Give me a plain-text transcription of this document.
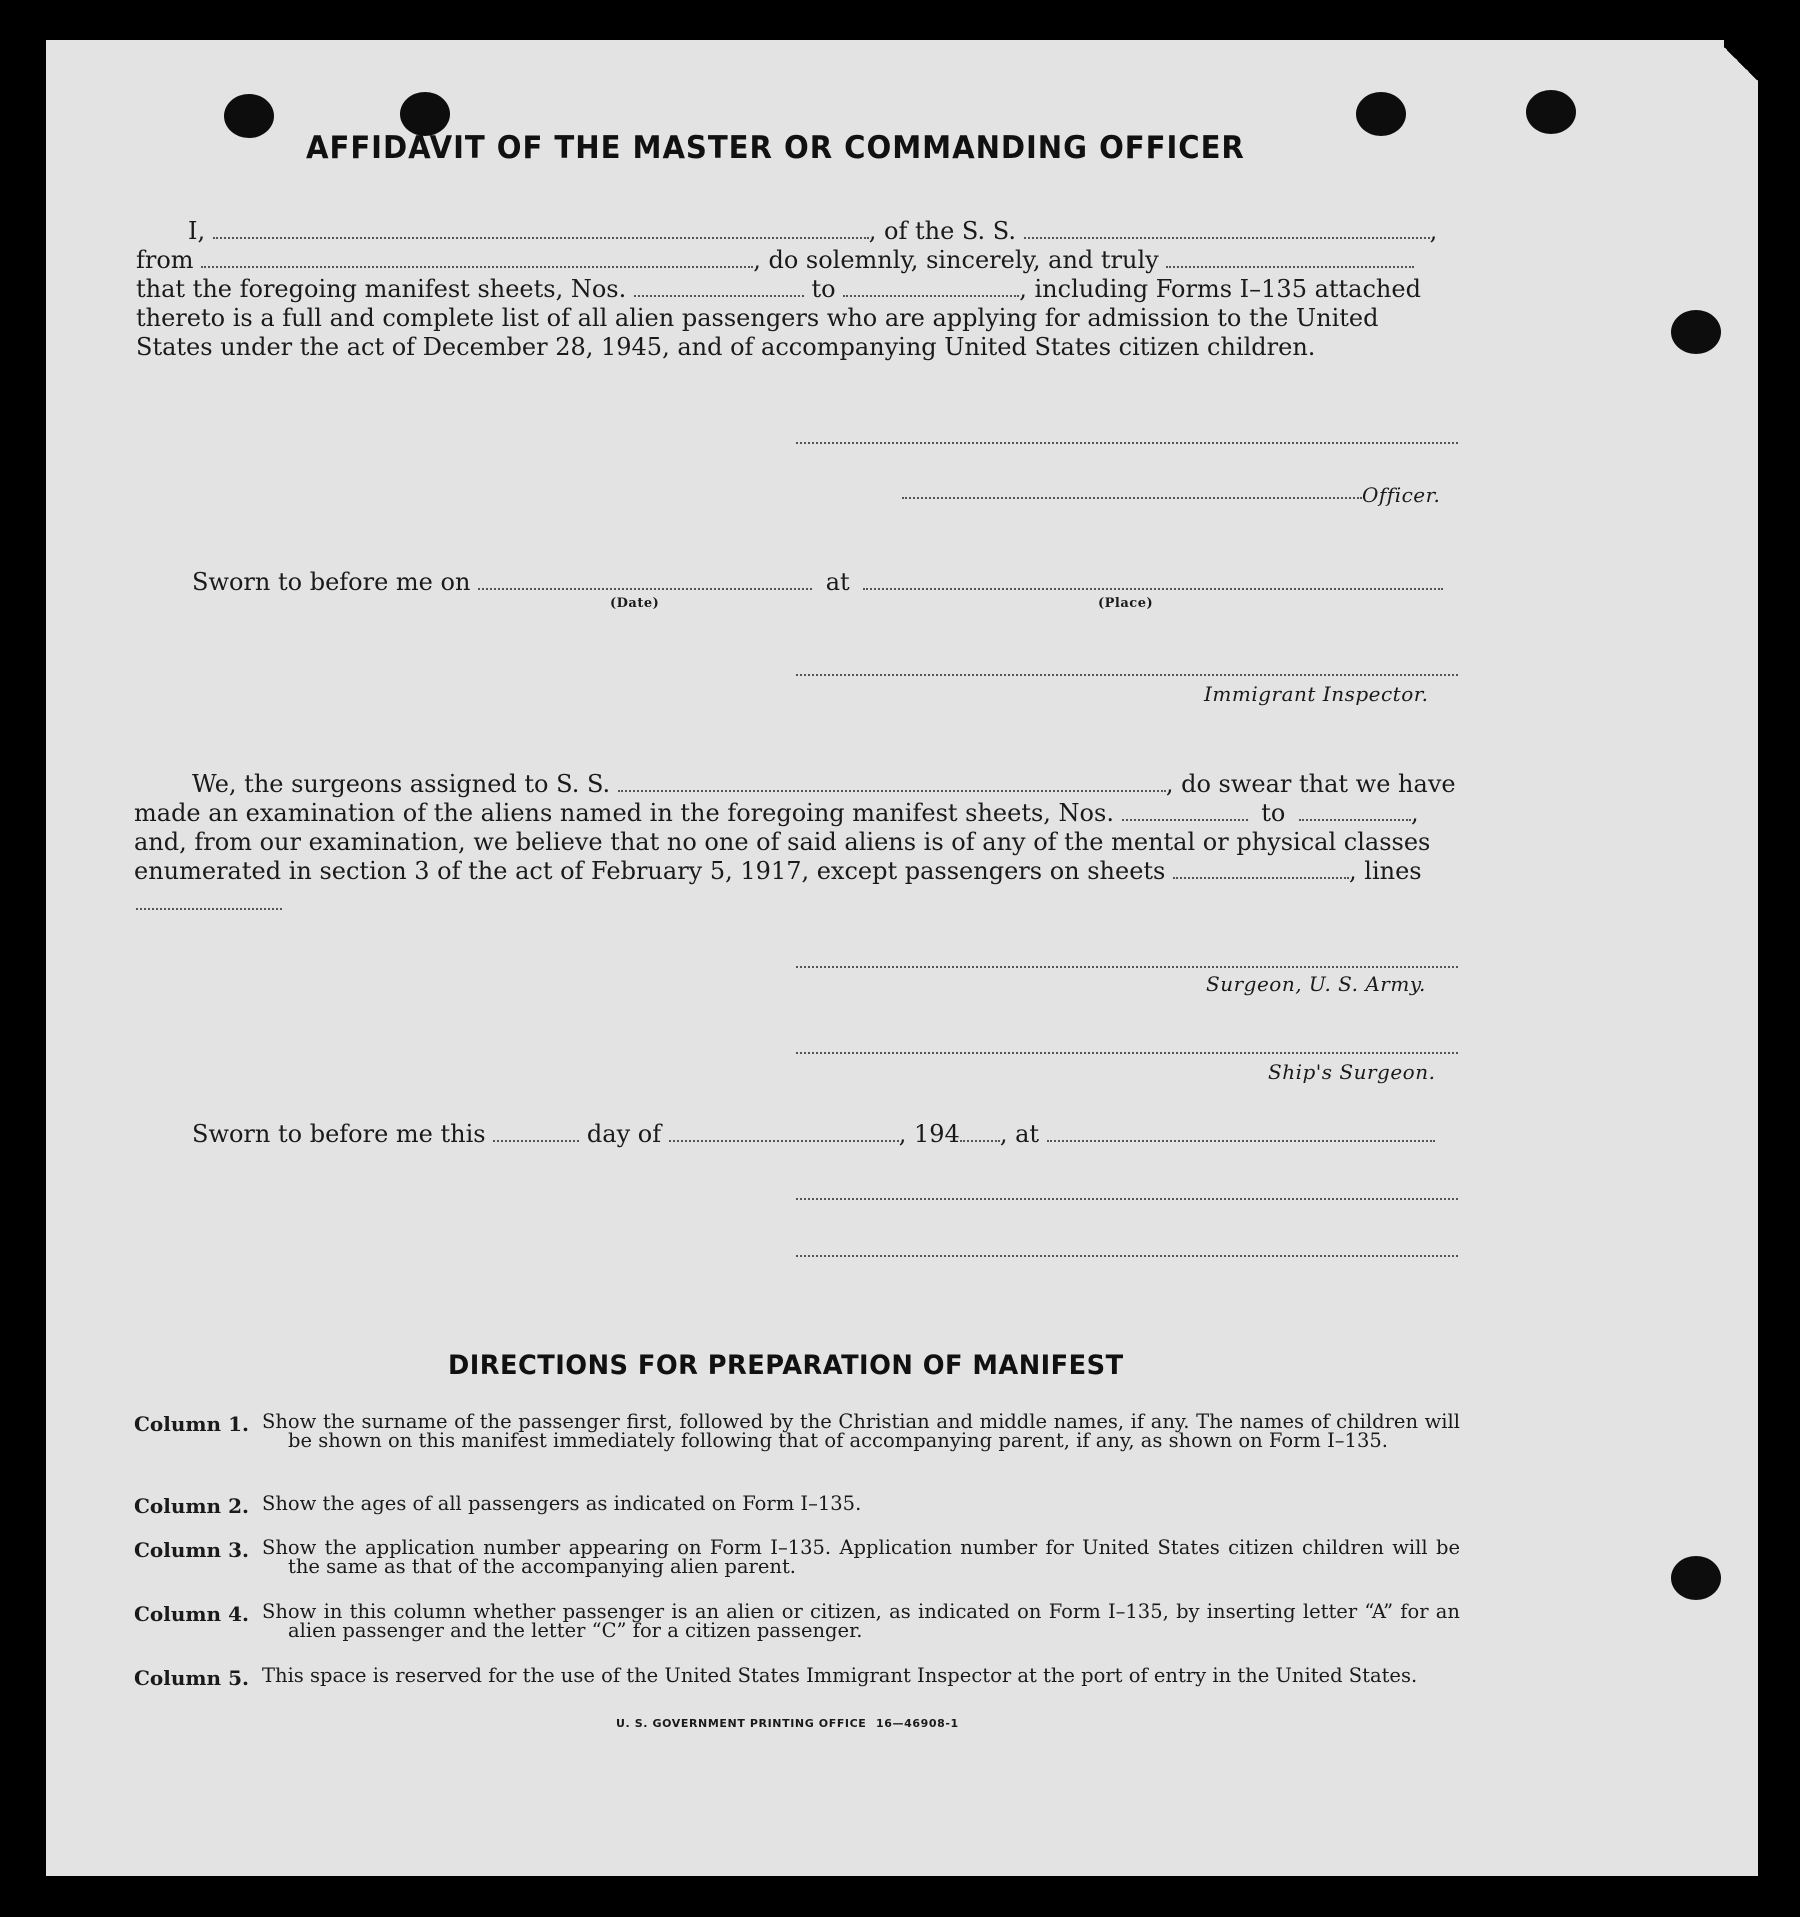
AFFIDAVIT OF THE MASTER OR COMMANDING OFFICER
I,	, of the S. S.	,
from	, do solemnly, sincerely, and truly
that the foregoing manifest sheets, Nos.	to	, including Forms I–135 attached
thereto is a full and complete list of all alien passengers who are applying for admission to the United
States under the act of December 28, 1945, and of accompanying United States citizen children.
Officer.
Sworn to before me on	at
(Date)	(Place)
Immigrant Inspector.
We, the surgeons assigned to S. S.	, do swear that we have
made an examination of the aliens named in the foregoing manifest sheets, Nos.	to	,
and, from our examination, we believe that no one of said aliens is of any of the mental or physical classes
enumerated in section 3 of the act of February 5, 1917, except passengers on sheets	, lines
Surgeon, U. S. Army.
Ship's Surgeon.
Sworn to before me this	day of	, 194 , at
DIRECTIONS FOR PREPARATION OF MANIFEST
Column 1. Show the surname of the passenger first, followed by the Christian and middle names, if any. The names of children will be shown on this manifest immediately following that of accompanying parent, if any, as shown on Form I–135.
Column 2. Show the ages of all passengers as indicated on Form I–135.
Column 3. Show the application number appearing on Form I–135. Application number for United States citizen children will be the same as that of the accompanying alien parent.
Column 4. Show in this column whether passenger is an alien or citizen, as indicated on Form I–135, by inserting letter “A” for an alien passenger and the letter “C” for a citizen passenger.
Column 5. This space is reserved for the use of the United States Immigrant Inspector at the port of entry in the United States.
U. S. GOVERNMENT PRINTING OFFICE 16—46908-1
